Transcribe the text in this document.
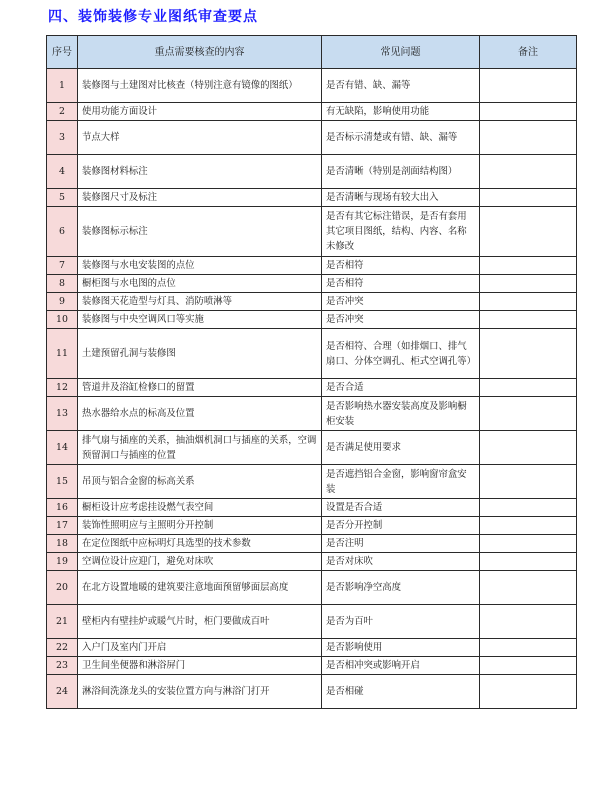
四、装饰装修专业图纸审查要点
序号	重点需要核查的内容	常见问题	备注
1	装修图与土建图对比核查（特别注意有镜像的图纸）	是否有错、缺、漏等	
2	使用功能方面设计	有无缺陷，影响使用功能	
3	节点大样	是否标示清楚或有错、缺、漏等	
4	装修图材料标注	是否清晰（特别是剖面结构图）	
5	装修图尺寸及标注	是否清晰与现场有较大出入	
6	装修图标示标注	是否有其它标注错误，是否有套用其它项目图纸，结构、内容、名称未修改	
7	装修图与水电安装图的点位	是否相符	
8	橱柜图与水电图的点位	是否相符	
9	装修图天花造型与灯具、消防喷淋等	是否冲突	
10	装修图与中央空调风口等实施	是否冲突	
11	土建预留孔洞与装修图	是否相符、合理（如排烟口、排气扇口、分体空调孔、柜式空调孔等）	
12	管道井及浴缸检修口的留置	是否合适	
13	热水器给水点的标高及位置	是否影响热水器安装高度及影响橱柜安装	
14	排气扇与插座的关系，抽油烟机洞口与插座的关系，空调预留洞口与插座的位置	是否满足使用要求	
15	吊顶与铝合金窗的标高关系	是否遮挡铝合金窗，影响窗帘盒安装	
16	橱柜设计应考虑挂设燃气表空间	设置是否合适	
17	装饰性照明应与主照明分开控制	是否分开控制	
18	在定位图纸中应标明灯具选型的技术参数	是否注明	
19	空调位设计应迎门，避免对床吹	是否对床吹	
20	在北方设置地暖的建筑要注意地面预留够面层高度	是否影响净空高度	
21	壁柜内有壁挂炉或暖气片时，柜门要做成百叶	是否为百叶	
22	入户门及室内门开启	是否影响使用	
23	卫生间坐便器和淋浴屏门	是否相冲突或影响开启	
24	淋浴间洗涤龙头的安装位置方向与淋浴门打开	是否相碰	
